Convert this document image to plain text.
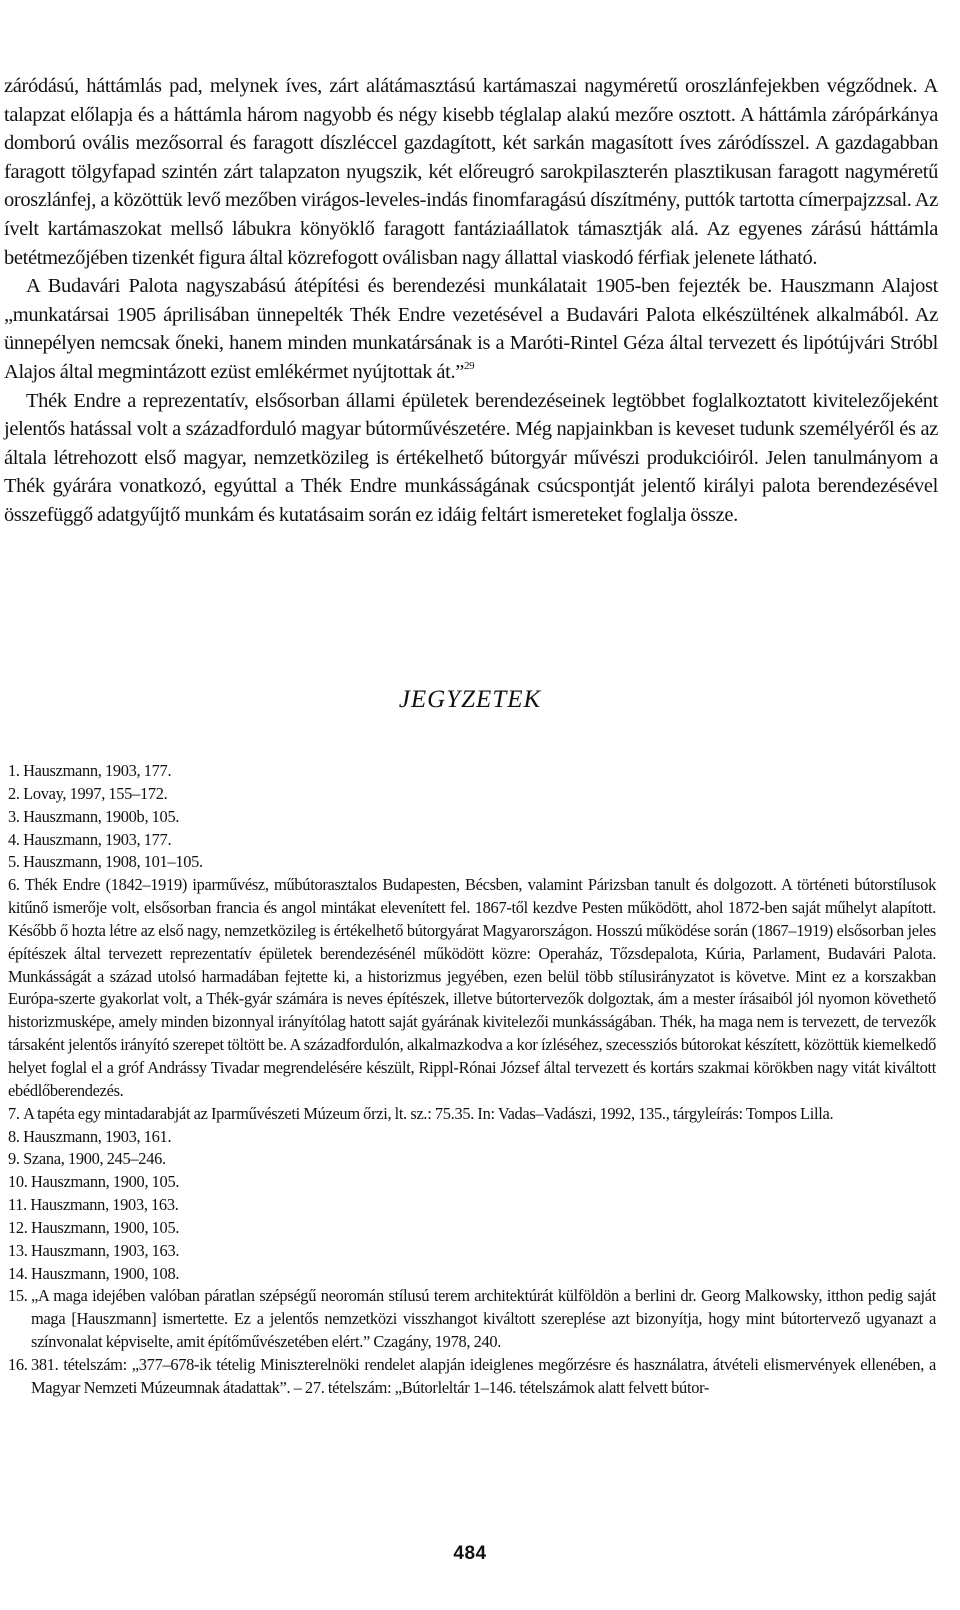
záródású, háttámlás pad, melynek íves, zárt alátámasztású kartámaszai nagyméretű oroszlánfejekben végződnek. A talapzat előlapja és a háttámla három nagyobb és négy kisebb téglalap alakú mezőre osztott. A háttámla zárópárkánya domború ovális mezősorral és faragott díszléccel gazdagított, két sarkán magasított íves záródísszel. A gazdagabban faragott tölgyfapad szintén zárt talapzaton nyugszik, két előreugró sarokpilaszterén plasztikusan faragott nagyméretű oroszlánfej, a közöttük levő mezőben virágos-leveles-indás finomfaragású díszítmény, puttók tartotta címerpajzzsal. Az ívelt kartámaszokat mellső lábukra könyöklő faragott fantáziaállatok támasztják alá. Az egyenes zárású háttámla betétmezőjében tizenkét figura által közrefogott oválisban nagy állattal viaskodó férfiak jelenete látható.

A Budavári Palota nagyszabású átépítési és berendezési munkálatait 1905-ben fejezték be. Hauszmann Alajost „munkatársai 1905 áprilisában ünnepelték Thék Endre vezetésével a Budavári Palota elkészültének alkalmából. Az ünnepélyen nemcsak őneki, hanem minden munkatársának is a Maróti-Rintel Géza által tervezett és lipótújvári Stróbl Alajos által megmintázott ezüst emlékérmet nyújtottak át.”$^{29}$

Thék Endre a reprezentatív, elsősorban állami épületek berendezéseinek legtöbbet foglalkoztatott kivitelezőjeként jelentős hatással volt a századforduló magyar bútorművészetére. Még napjainkban is keveset tudunk személyéről és az általa létrehozott első magyar, nemzetközileg is értékelhető bútorgyár művészi produkcióiról. Jelen tanulmányom a Thék gyárára vonatkozó, egyúttal a Thék Endre munkásságának csúcspontját jelentő királyi palota berendezésével összefüggő adatgyűjtő munkám és kutatásaim során ez idáig feltárt ismereteket foglalja össze.

JEGYZETEK
1.
Hauszmann, 1903, 177.
2.
Lovay, 1997, 155–172.
3.
Hauszmann, 1900b, 105.
4.
Hauszmann, 1903, 177.
5.
Hauszmann, 1908, 101–105.
6. Thék Endre (1842–1919) iparművész, műbútorasztalos Budapesten, Bécsben, valamint Párizsban tanult és dolgozott. A történeti bútorstílusok kitűnő ismerője volt, elsősorban francia és angol mintákat elevenített fel. 1867-től kezdve Pesten működött, ahol 1872-ben saját műhelyt alapított. Később ő hozta létre az első nagy, nemzetközileg is értékelhető bútorgyárat Magyarországon. Hosszú működése során (1867–1919) elsősorban jeles építészek által tervezett reprezentatív épületek berendezésénél működött közre: Operaház, Tőzsdepalota, Kúria, Parlament, Budavári Palota. Munkásságát a század utolsó harmadában fejtette ki, a historizmus jegyében, ezen belül több stílusirányzatot is követve. Mint ez a korszakban Európa-szerte gyakorlat volt, a Thék-gyár számára is neves építészek, illetve bútortervezők dolgoztak, ám a mester írásaiból jól nyomon követhető historizmusképe, amely minden bizonnyal irányítólag hatott saját gyárának kivitelezői munkásságában. Thék, ha maga nem is tervezett, de tervezők társaként jelentős irányító szerepet töltött be. A századfordulón, alkalmazkodva a kor ízléséhez, szecessziós bútorokat készített, közöttük kiemelkedő helyet foglal el a gróf Andrássy Tivadar megrendelésére készült, Rippl-Rónai József által tervezett és kortárs szakmai körökben nagy vitát kiváltott ebédlőberendezés.
7.
A tapéta egy mintadarabját az Iparművészeti Múzeum őrzi, lt. sz.: 75.35. In: Vadas–Vadászi, 1992, 135., tárgyleírás: Tompos Lilla.
8.
Hauszmann, 1903, 161.
9.
Szana, 1900, 245–246.
10.
Hauszmann, 1900, 105.
11.
Hauszmann, 1903, 163.
12.
Hauszmann, 1900, 105.
13.
Hauszmann, 1903, 163.
14.
Hauszmann, 1900, 108.
15.
„A maga idejében valóban páratlan szépségű neoromán stílusú terem architektúrát külföldön a berlini dr. Georg Malkowsky, itthon pedig saját maga [Hauszmann] ismertette. Ez a jelentős nemzetközi visszhangot kiváltott szereplése azt bizonyítja, hogy mint bútortervező ugyanazt a színvonalat képviselte, amit építőművészetében elért.” Czagány, 1978, 240.
16.
381. tételszám: „377–678-ik tételig Miniszterelnöki rendelet alapján ideiglenes megőrzésre és használatra, átvételi elismervények ellenében, a Magyar Nemzeti Múzeumnak átadattak”. – 27. tételszám: „Bútorleltár 1–146. tételszámok alatt felvett bútor-
484
